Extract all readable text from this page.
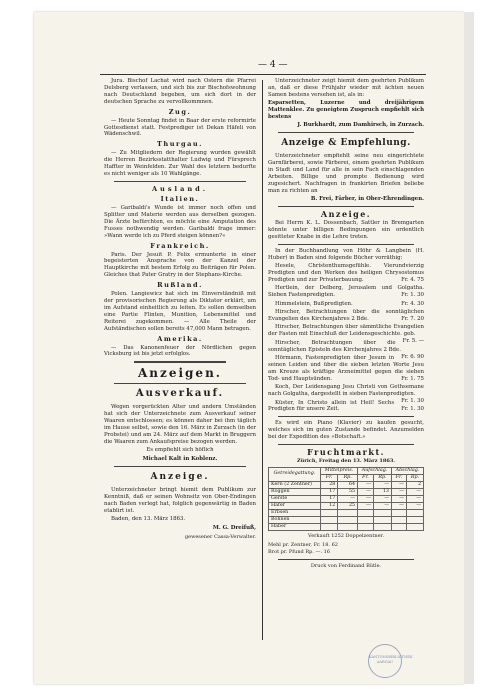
— 4 —

Jura. Bischof Lachat wird nach Ostern die Pfarrei Delsberg verlassen, und sich bis zur Bischofswohnung nach Deutschland begeben, um sich dort in der deutschen Sprache zu vervollkommnen.

Zug.

— Heute Sonntag findet in Baar der erste reformirte Gottesdienst statt. Festprediger ist Dekan Häfeli von Wädenschwil.

Thurgau.

— Zu Mitgliedern der Regierung wurden gewählt die Herren Bezirksstatthalter Ludwig und Fürsprech Haffter in Weinfelden. Zur Wahl des letztern bedurfte es nicht weniger als 10 Wahlgänge.

Ausland.
Italien.

— Garibaldi's Wunde ist immer noch offen und Splitter und Materie werden aus derselben gezogen. Die Ärzte befürchten, es möchte eine Amputation des Fusses nothwendig werden. Garibaldi frage immer: »Wann werde ich zu Pferd steigen können?«

Frankreich.

Paris. Der Jesuit P. Felix ermunterte in einer begeisterten Ansprache von der Kanzel der Hauptkirche mit bestem Erfolg zu Beiträgen für Polen. Gleiches that Pater Gratry in der Stephans-Kirche.

Rußland.

Polen. Langiewicz hat sich im Einverständniß mit der provisorischen Regierung als Diktator erklärt, um im Aufstand einheitlich zu leiten. Es sollen demselben eine Partie Flinten, Munition, Lebensmittel und Reiterei zugekommen. — Alle Theile der Aufständischen sollen bereits 47,000 Mann betragen.

Amerika.

— Das Kanonenfeuer der Nördlichen gegen Vicksburg ist bis jetzt erfolglos.

Anzeigen.
Ausverkauf.

Wegen vorgerückten Alter und andern Umständen hat sich der Unterzeichnete zum Ausverkauf seiner Waaren entschlossen; es können daher bei ihm täglich im Hause selbst, sowie den 16. März in Zurzach (in der Probstei) und am 24. März auf dem Markt in Bruggern die Waaren zum Ankaufspreise bezogen werden.

Es empfiehlt sich höflich
Michael Kalt in Koblenz.
Anzeige.

Unterzeichneter bringt hiemit dem Publikum zur Kenntniß, daß er seinen Wohnsitz von Ober-Endingen nach Baden verlegt hat, folglich gegenwärtig in Baden etablirt ist.

Baden, den 13. März 1863.

M. G. Dreifuß,
gewesener Cassa-Verwalter.

Unterzeichneter zeigt hiemit dem geehrten Publikum an, daß er diese Frühjahr wieder mit ächten neuen Samen bestens versehen ist, als in:

Esparsetten, Luzerne und dreijährigem Mattenklee. Zu geneigtem Zuspruch empfiehlt sich bestens

J. Burkhardt, zum Damhirsch, in Zurzach.
Anzeige & Empfehlung.

Unterzeichneter empfiehlt seine neu eingerichtete Garnfärberei, sowie Färberei, einem geehrten Publikum in Stadt und Land für alle in sein Fach einschlagenden Arbeiten. Billige und prompte Bedienung wird zugesichert. Nachfragen in frankirten Briefen beliebe man zu richten an

B. Frei, Färber, in Ober-Ehrendingen.
Anzeige.

Bei Herrn K. L. Dossenbach, Sattler in Bremgarten könnte unter billigen Bedingungen ein ordentlich gesitteter Knabe in die Lehre treten.

In der Buchhandlung von Höhr & Langbein (H. Huber) in Baden sind folgende Bücher vorräthig:

Hesele, Christenthumsgefühle. Vierundvierzig Predigten und den Werken des heiligen Chrysostomus Predigten und zur Privaterbauung.	Fr. 4. 75

Hertlein, der Delberg, Jerusalem und Golgatha. Sieben Fastenpredigten.	Fr. 1. 30

Himmelstein, Bußpredigten.	Fr. 4. 30

Hirscher, Betrachtungen über die sonntäglichen Evangelien des Kirchenjahres 2 Bde.	Fr. 7. 20

Hirscher, Betrachtungen über sämmtliche Evangelien der Fasten mit Einschluß der Leidensgeschichte. geb.
Fr. 5. —

Hirscher, Betrachtungen über die sonntäglichen Episteln des Kirchenjahres 2 Bde.
Fr. 6. 90

Hörmann, Fastenpredigten über Jesum in seinen Leiden und über die sieben letzten Worte Jesu am Kreuze als kräftige Arzneimittel gegen die sieben Tod- und Hauptsünden.	Fr. 1. 75

Koch, Der Leidensgang Jesu Christi von Gethsemane nach Golgatha, dargestellt in sieben Fastenpredigten.
Fr. 1. 30

Küster, In Christo allein ist Heil! Sechs Predigten für unsere Zeit.	Fr. 1. 30

Es wird ein Piano (Klavier) zu kaufen gesucht, welches sich im guten Zustande befindet. Anzumelden bei der Expedition des »Botschaft.«

Fruchtmarkt.
Zürich, Freitag den 13. März 1863.
Getreidegattung.	Mittelpreis.		Aufschlag.		Abschlag.	
	Fr.	Rp.	Fr.	Rp.	Fr.	Rp.
Kern (2 Zentner)	28	64	—	—	—	2
Roggen	17	55	—	13	—	—
Gerste	17	—	—	—	—	—
Hafer	12	25	—	—	—	—
Erbsen						
Bohnen						
Haber						
Verkauft 1252 Doppelzentner.
Mehl pr. Zentner, Fr. 18. 62
Brot pr. Pfund Rp. —. 16
Druck von Ferdinand Bütle.
KANTONSBIBLIOTHEK
AARGAU
